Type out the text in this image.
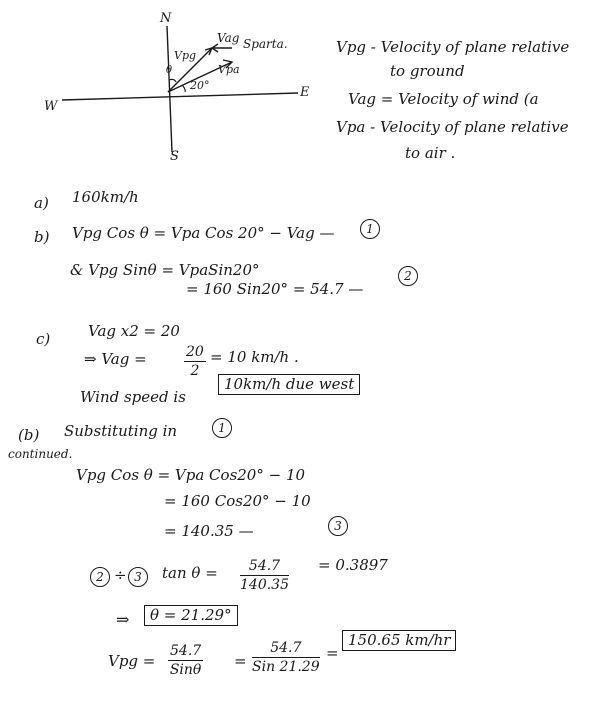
N
S
E
W
Vag Sparta.
Vpg
Vpa
θ
20°
Vpg - Velocity of plane relative
to ground
Vag = Velocity of wind (a
Vpa - Velocity of plane relative
to air .
a) 160km/h
b) Vpg Cos θ = Vpa Cos 20° − Vag —	1
& Vpg Sinθ = VpaSin20°
= 160 Sin20° = 54.7 —
2
c)	Vag x2 = 20
⇒ Vag =	$\frac{20}{2} = 10$ km/h .
Wind speed is
10km/h due west
(b) Substituting in	1
continued.
Vpg Cos θ = Vpa Cos20° − 10
= 160 Cos20° − 10
= 140.35 —	3
2 ÷ 3	$\tan \theta = \frac{54.7}{140.35} = 0.3897$
⇒	θ = 21.29°
Vpg =
54.7
Sinθ =
54.7
Sin 21.29
=
150.65 km/hr
